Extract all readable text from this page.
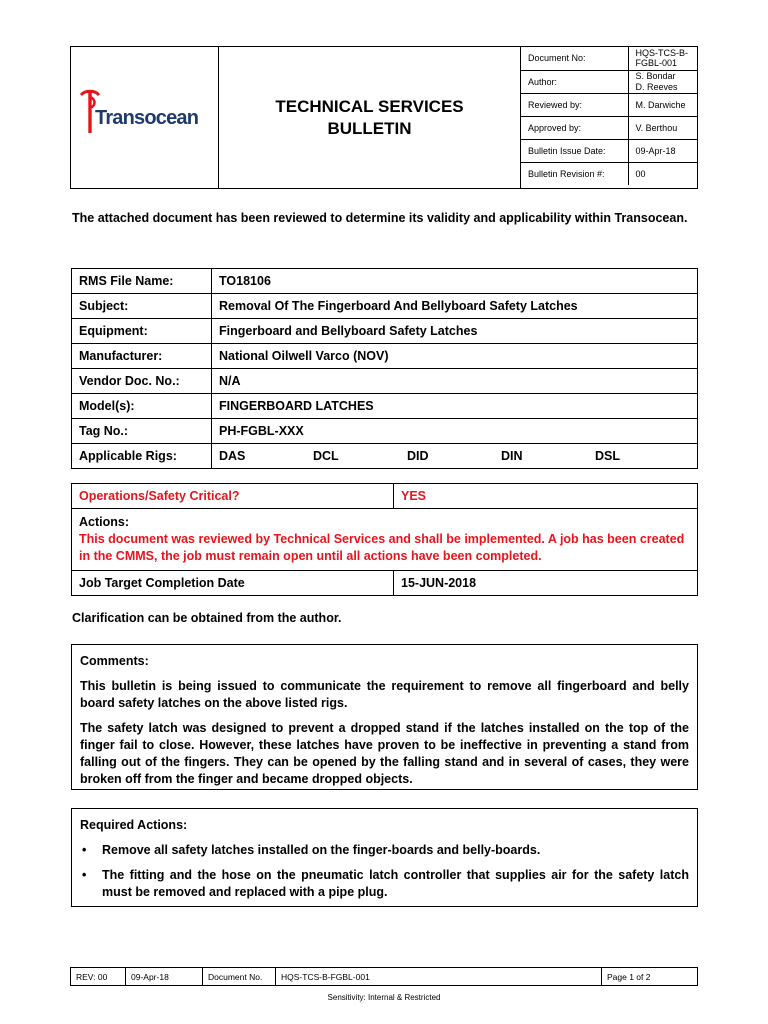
Transocean
TECHNICAL SERVICES
BULLETIN
Document No:	HQS-TCS-B-FGBL-001
Author:	S. Bondar
D. Reeves
Reviewed by:	M. Darwiche
Approved by:	V. Berthou
Bulletin Issue Date:	09-Apr-18
Bulletin Revision #:	00
The attached document has been reviewed to determine its validity and applicability within Transocean.
RMS File Name:	TO18106
Subject:	Removal Of The Fingerboard And Bellyboard Safety Latches
Equipment:	Fingerboard and Bellyboard Safety Latches
Manufacturer:	National Oilwell Varco (NOV)
Vendor Doc. No.:	N/A
Model(s):	FINGERBOARD LATCHES
Tag No.:	PH-FGBL-XXX
Applicable Rigs:	DAS DCL DID DIN DSL
Operations/Safety Critical?	YES

Actions:
This document was reviewed by Technical Services and shall be implemented. A job has been created in the CMMS, the job must remain open until all actions have been completed.	

Job Target Completion Date	15-JUN-2018
Clarification can be obtained from the author.

Comments:

This bulletin is being issued to communicate the requirement to remove all fingerboard and belly board safety latches on the above listed rigs.

The safety latch was designed to prevent a dropped stand if the latches installed on the top of the finger fail to close. However, these latches have proven to be ineffective in preventing a stand from falling out of the fingers. They can be opened by the falling stand and in several of cases, they were broken off from the finger and became dropped objects.

Required Actions:

• Remove all safety latches installed on the finger-boards and belly-boards.
• The fitting and the hose on the pneumatic latch controller that supplies air for the safety latch must be removed and replaced with a pipe plug.
REV: 00	09-Apr-18	Document No.	HQS-TCS-B-FGBL-001	Page 1 of 2
Sensitivity: Internal & Restricted
